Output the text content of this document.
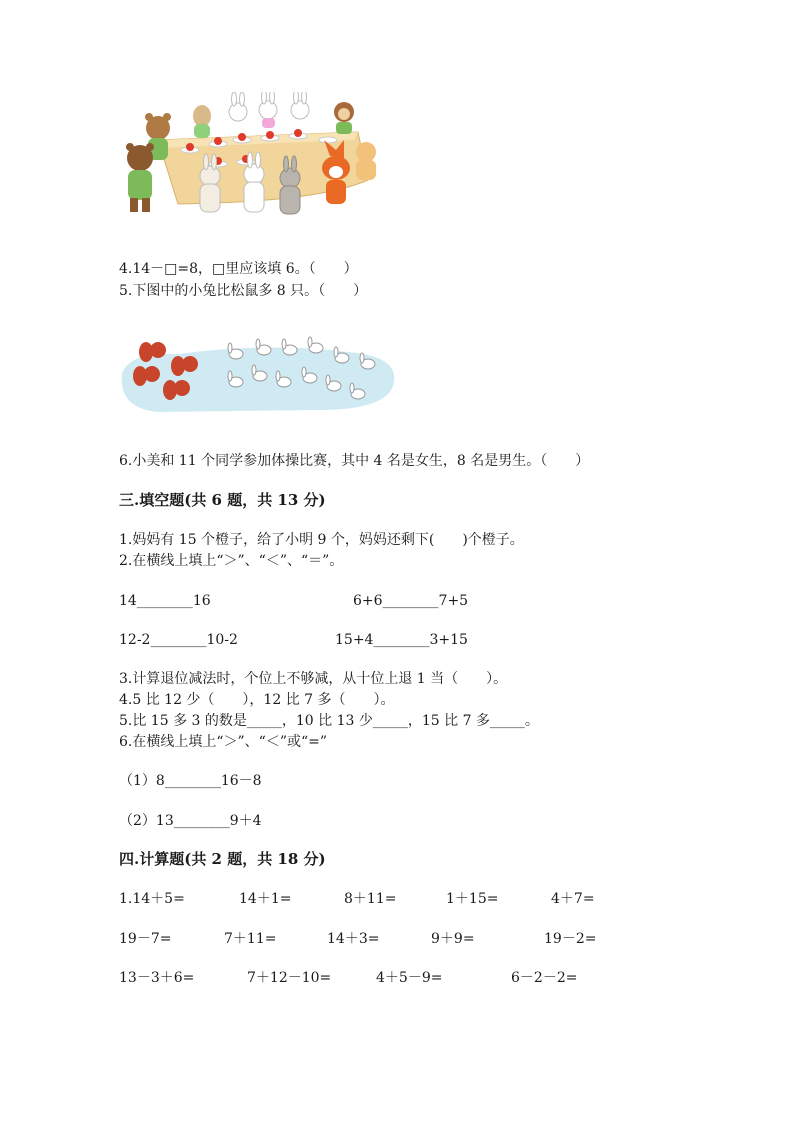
4.14－□=8，□里应该填 6。（　　）
5.下图中的小兔比松鼠多 8 只。（　　）
6.小美和 11 个同学参加体操比赛，其中 4 名是女生，8 名是男生。（　　）
三.填空题(共 6 题，共 13 分)
1.妈妈有 15 个橙子，给了小明 9 个，妈妈还剩下(　　)个橙子。
2.在横线上填上“＞”、“＜”、“＝”。
14________16	6+6________7+5
12-2________10-2	15+4________3+15
3.计算退位减法时，个位上不够减，从十位上退 1 当（　　）。
4.5 比 12 少（　　），12 比 7 多（　　）。
5.比 15 多 3 的数是_____，10 比 13 少_____，15 比 7 多_____。
6.在横线上填上“＞”、“＜”或“=”
（1）8________16－8
（2）13________9＋4
四.计算题(共 2 题，共 18 分)
1.14＋5=	14＋1=	8＋11=	1＋15=	4＋7=
19－7=	7＋11=	14＋3=	9＋9=	19－2=
13－3＋6=	7＋12－10=	4＋5－9=	6－2－2=
